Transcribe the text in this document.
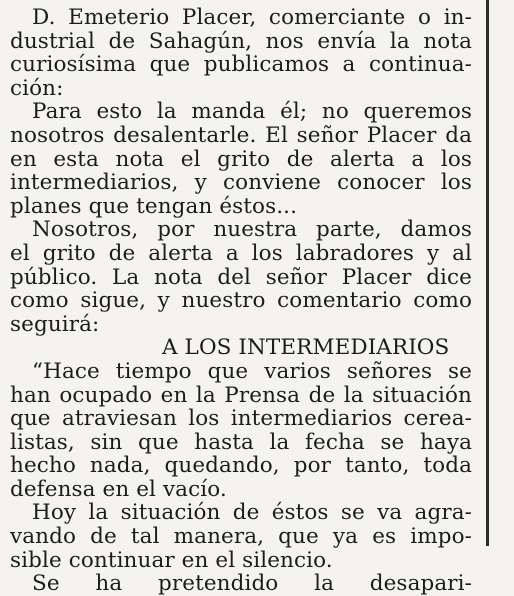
D. Emeterio Placer, comerciante o in-
dustrial de Sahagún, nos envía la nota
curiosísima que publicamos a continua-
ción:
Para esto la manda él; no queremos
nosotros desalentarle. El señor Placer da
en esta nota el grito de alerta a los
intermediarios, y conviene conocer los
planes que tengan éstos...
Nosotros, por nuestra parte, damos
el grito de alerta a los labradores y al
público. La nota del señor Placer dice
como sigue, y nuestro comentario como
seguirá:
A LOS INTERMEDIARIOS
“Hace tiempo que varios señores se
han ocupado en la Prensa de la situación
que atraviesan los intermediarios cerea-
listas, sin que hasta la fecha se haya
hecho nada, quedando, por tanto, toda
defensa en el vacío.
Hoy la situación de éstos se va agra-
vando de tal manera, que ya es impo-
sible continuar en el silencio.
Se ha pretendido la desapari-
